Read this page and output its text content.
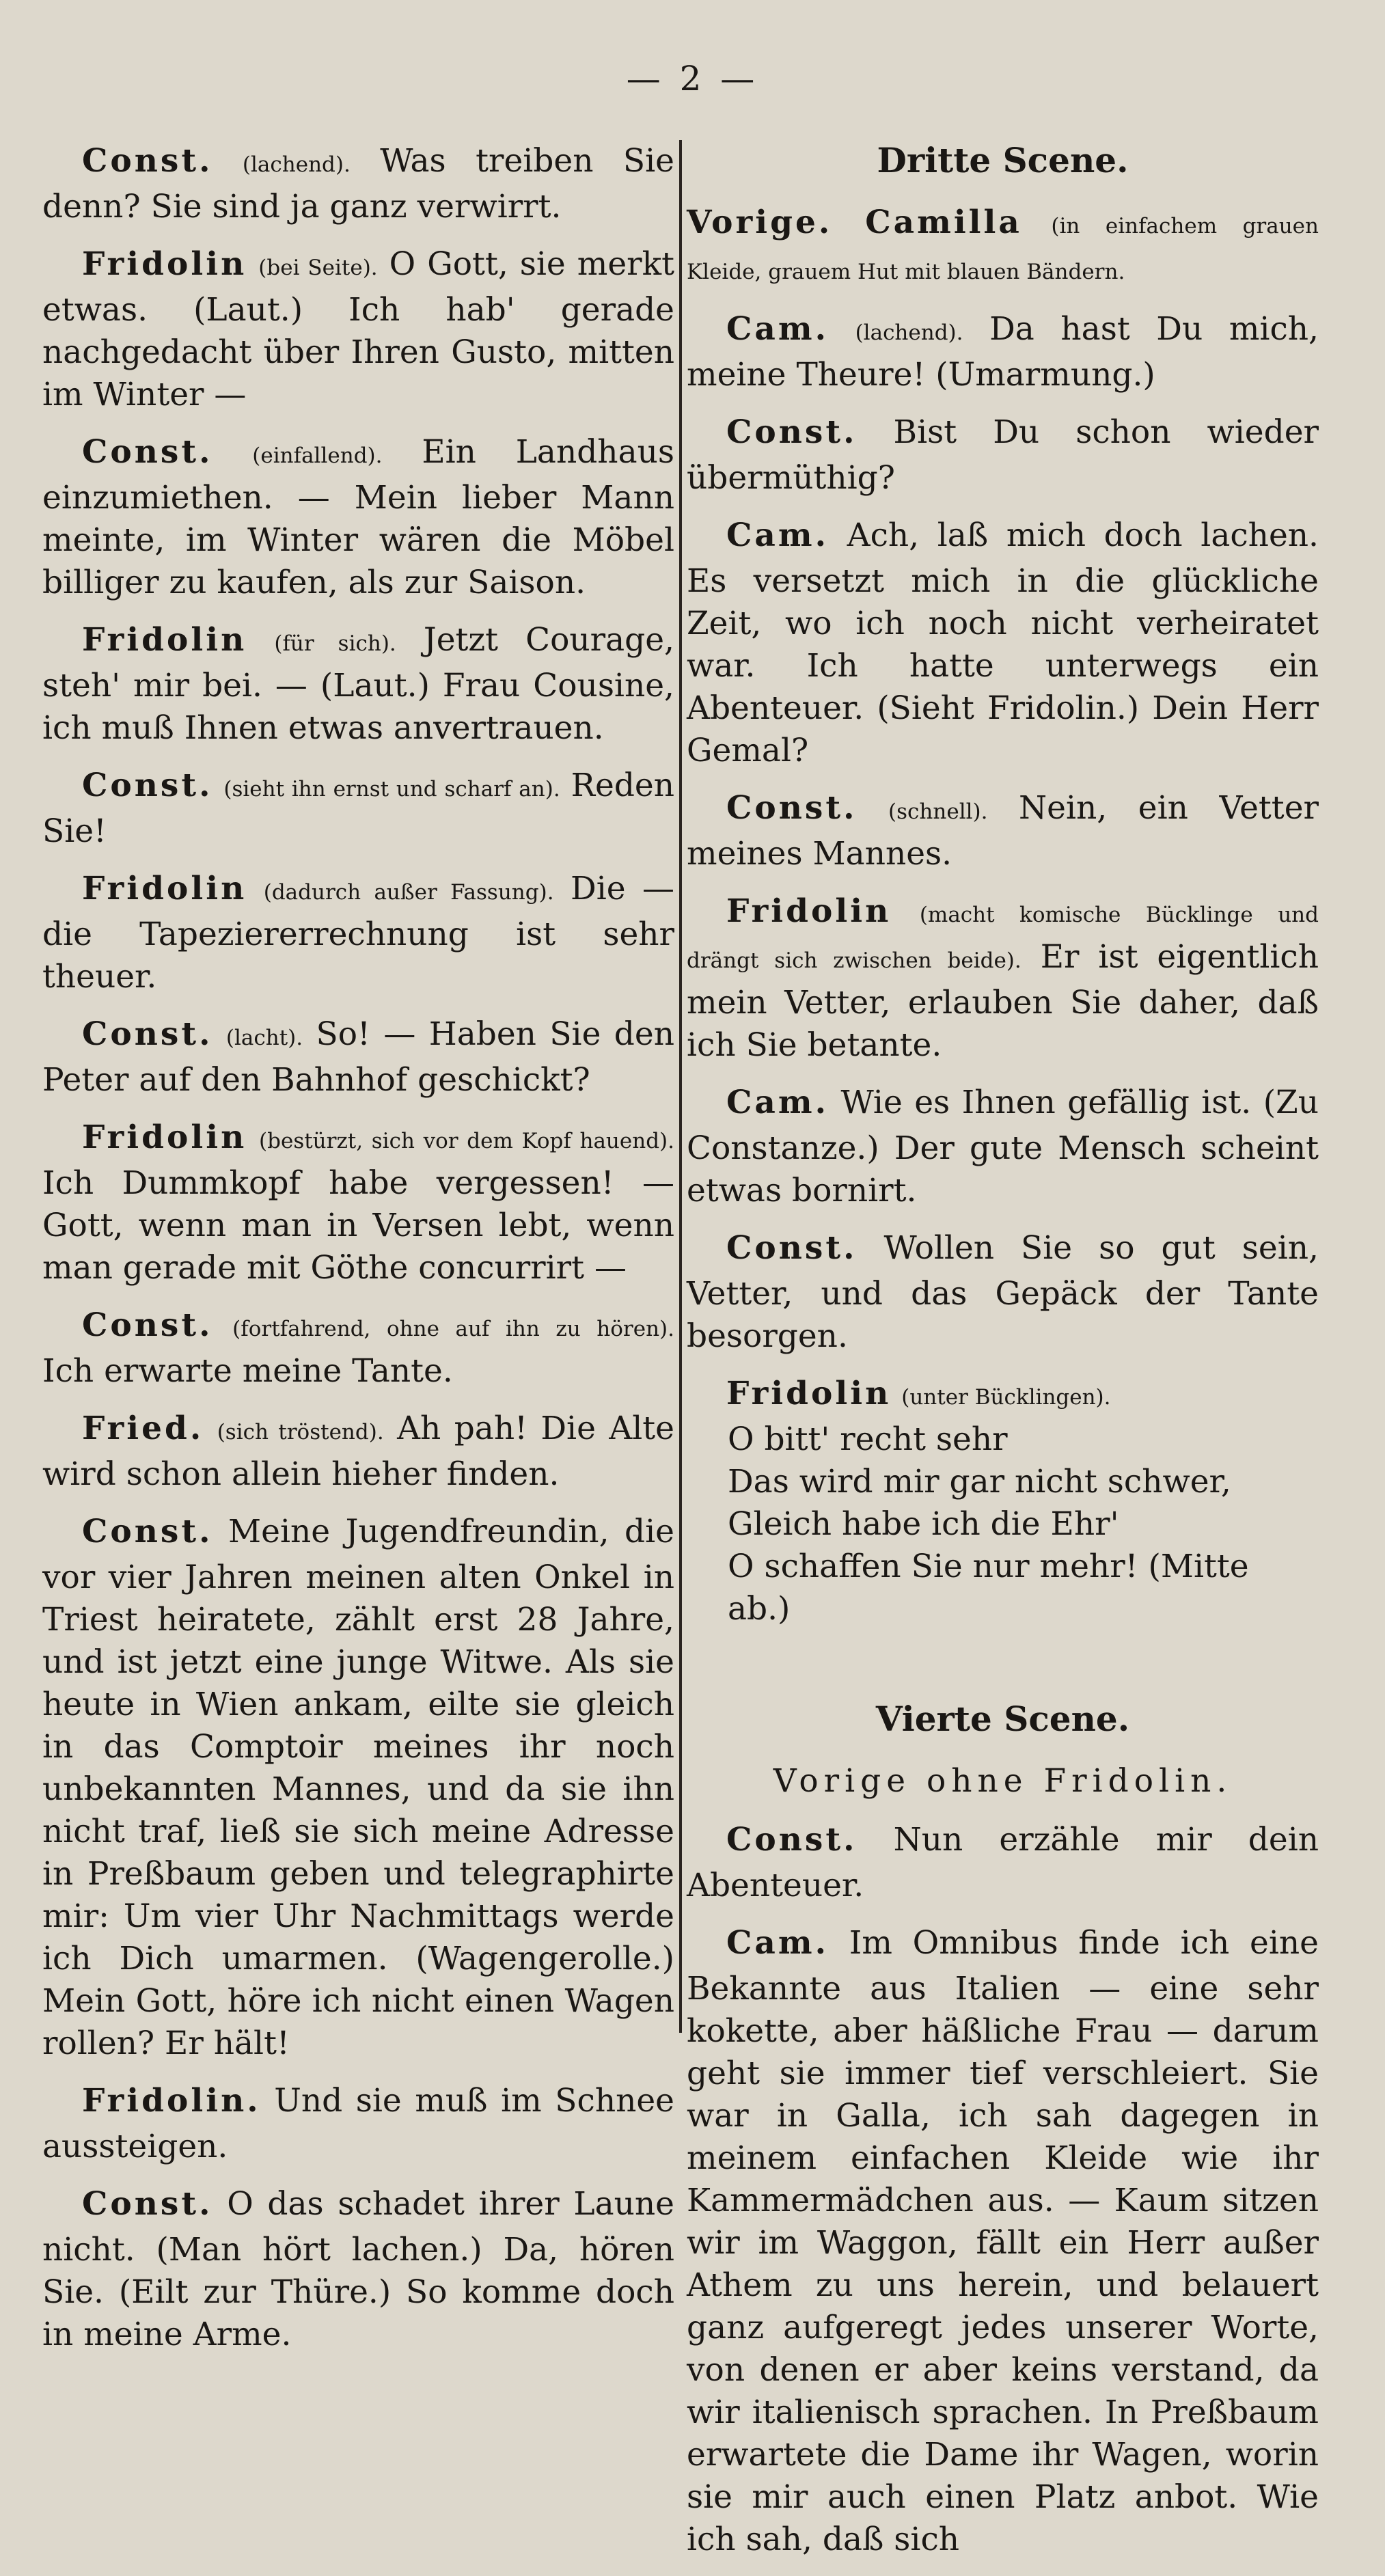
— 2 —

Const. (lachend). Was treiben Sie denn? Sie sind ja ganz verwirrt.

Fridolin (bei Seite). O Gott, sie merkt etwas. (Laut.) Ich hab' gerade nachgedacht über Ihren Gusto, mitten im Winter —

Const. (einfallend). Ein Landhaus einzumiethen. — Mein lieber Mann meinte, im Winter wären die Möbel billiger zu kaufen, als zur Saison.

Fridolin (für sich). Jetzt Courage, steh' mir bei. — (Laut.) Frau Cousine, ich muß Ihnen etwas anvertrauen.

Const. (sieht ihn ernst und scharf an). Reden Sie!

Fridolin (dadurch außer Fassung). Die — die Tapeziererrechnung ist sehr theuer.

Const. (lacht). So! — Haben Sie den Peter auf den Bahnhof geschickt?

Fridolin (bestürzt, sich vor dem Kopf hauend). Ich Dummkopf habe vergessen! — Gott, wenn man in Versen lebt, wenn man gerade mit Göthe concurrirt —

Const. (fortfahrend, ohne auf ihn zu hören). Ich erwarte meine Tante.

Fried. (sich tröstend). Ah pah! Die Alte wird schon allein hieher finden.

Const. Meine Jugendfreundin, die vor vier Jahren meinen alten Onkel in Triest heiratete, zählt erst 28 Jahre, und ist jetzt eine junge Witwe. Als sie heute in Wien ankam, eilte sie gleich in das Comptoir meines ihr noch unbekannten Mannes, und da sie ihn nicht traf, ließ sie sich meine Adresse in Preßbaum geben und telegraphirte mir: Um vier Uhr Nachmittags werde ich Dich umarmen. (Wagengerolle.) Mein Gott, höre ich nicht einen Wagen rollen? Er hält!

Fridolin. Und sie muß im Schnee aussteigen.

Const. O das schadet ihrer Laune nicht. (Man hört lachen.) Da, hören Sie. (Eilt zur Thüre.) So komme doch in meine Arme.

Dritte Scene.

Vorige. Camilla (in einfachem grauen Kleide, grauem Hut mit blauen Bändern.

Cam. (lachend). Da hast Du mich, meine Theure! (Umarmung.)

Const. Bist Du schon wieder übermüthig?

Cam. Ach, laß mich doch lachen. Es versetzt mich in die glückliche Zeit, wo ich noch nicht verheiratet war. Ich hatte unterwegs ein Abenteuer. (Sieht Fridolin.) Dein Herr Gemal?

Const. (schnell). Nein, ein Vetter meines Mannes.

Fridolin (macht komische Bücklinge und drängt sich zwischen beide). Er ist eigentlich mein Vetter, erlauben Sie daher, daß ich Sie betante.

Cam. Wie es Ihnen gefällig ist. (Zu Constanze.) Der gute Mensch scheint etwas bornirt.

Const. Wollen Sie so gut sein, Vetter, und das Gepäck der Tante besorgen.

Fridolin (unter Bücklingen).

O bitt' recht sehr
Das wird mir gar nicht schwer,
Gleich habe ich die Ehr'
O schaffen Sie nur mehr! (Mitte ab.)
Vierte Scene.
Vorige ohne Fridolin.

Const. Nun erzähle mir dein Abenteuer.

Cam. Im Omnibus finde ich eine Bekannte aus Italien — eine sehr kokette, aber häßliche Frau — darum geht sie immer tief verschleiert. Sie war in Galla, ich sah dagegen in meinem einfachen Kleide wie ihr Kammermädchen aus. — Kaum sitzen wir im Waggon, fällt ein Herr außer Athem zu uns herein, und belauert ganz aufgeregt jedes unserer Worte, von denen er aber keins verstand, da wir italienisch sprachen. In Preßbaum erwartete die Dame ihr Wagen, worin sie mir auch einen Platz anbot. Wie ich sah, daß sich
